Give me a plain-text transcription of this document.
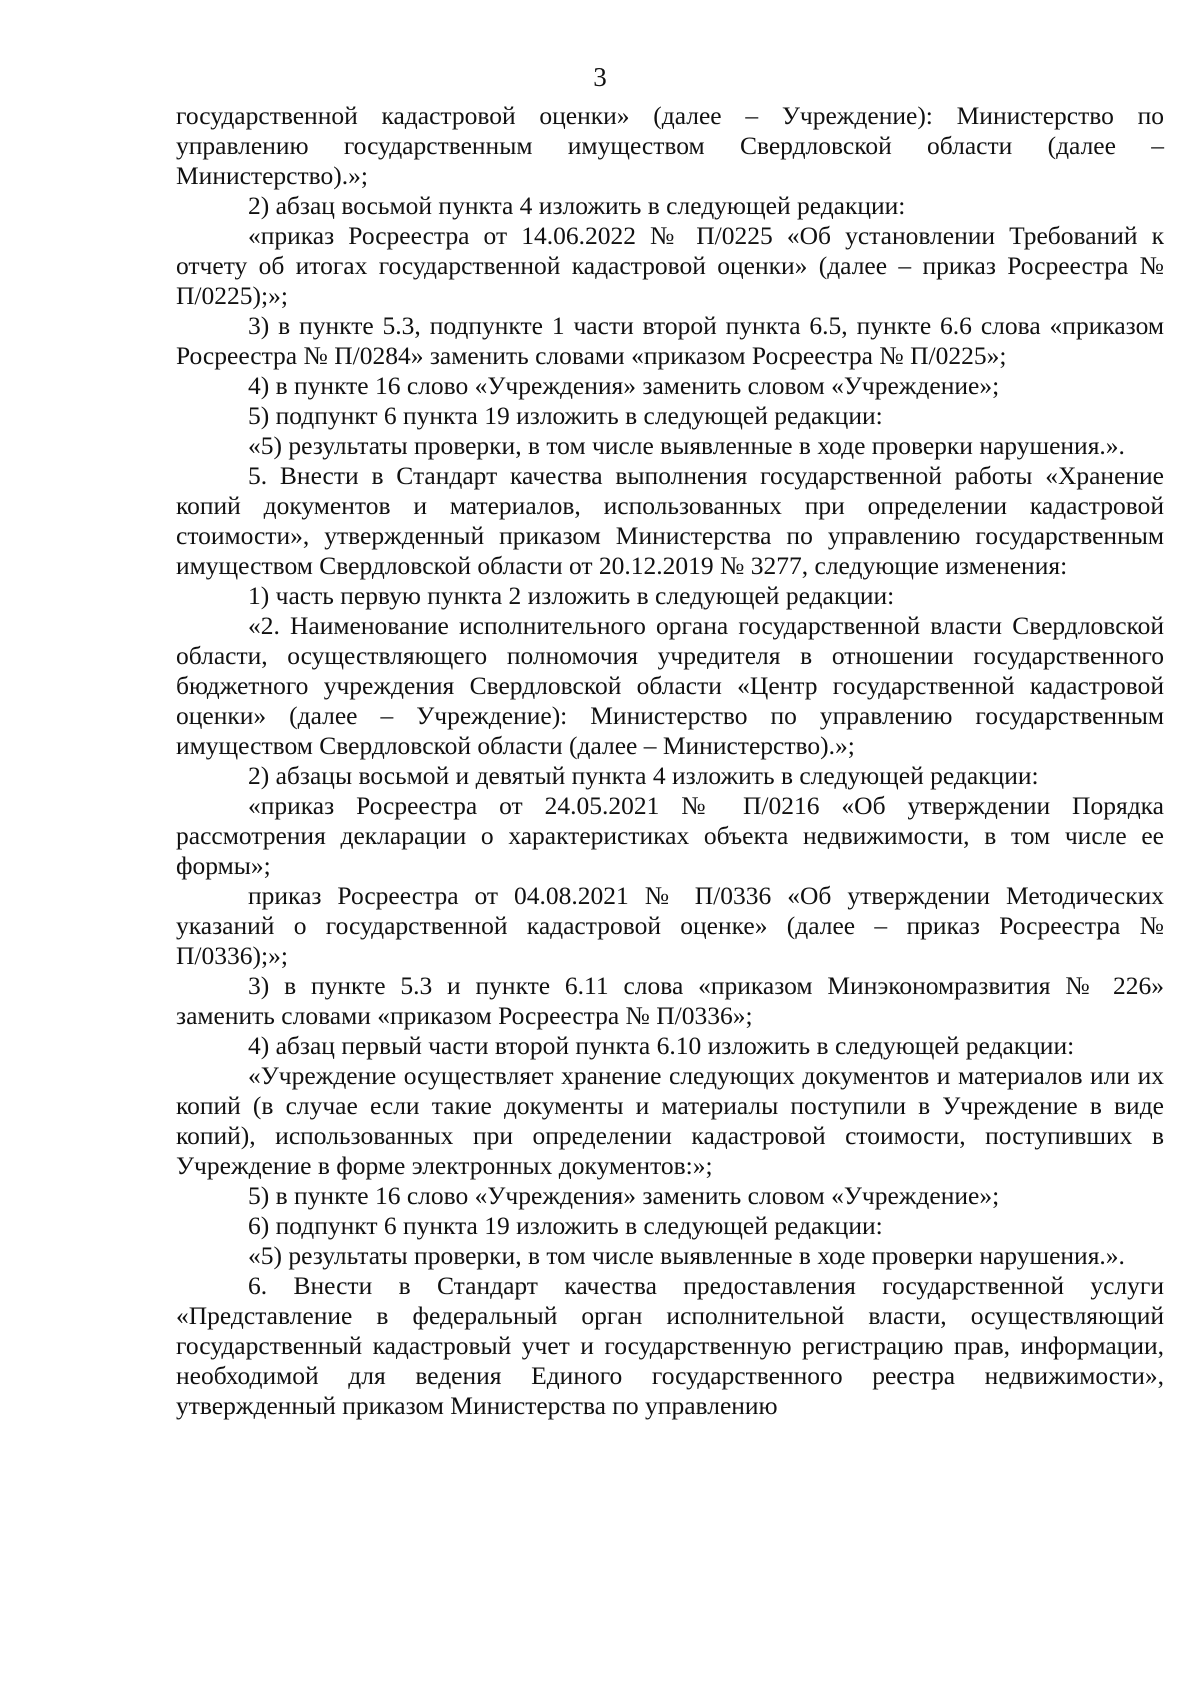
3

государственной кадастровой оценки» (далее – Учреждение): Министерство по управлению государственным имуществом Свердловской области (далее – Министерство).»;

2) абзац восьмой пункта 4 изложить в следующей редакции:

«приказ Росреестра от 14.06.2022 № П/0225 «Об установлении Требований к отчету об итогах государственной кадастровой оценки» (далее – приказ Росреестра № П/0225);»;

3) в пункте 5.3, подпункте 1 части второй пункта 6.5, пункте 6.6 слова «приказом Росреестра № П/0284» заменить словами «приказом Росреестра № П/0225»;

4) в пункте 16 слово «Учреждения» заменить словом «Учреждение»;

5) подпункт 6 пункта 19 изложить в следующей редакции:

«5) результаты проверки, в том числе выявленные в ходе проверки нарушения.».

5. Внести в Стандарт качества выполнения государственной работы «Хранение копий документов и материалов, использованных при определении кадастровой стоимости», утвержденный приказом Министерства по управлению государственным имуществом Свердловской области от 20.12.2019 № 3277, следующие изменения:

1) часть первую пункта 2 изложить в следующей редакции:

«2. Наименование исполнительного органа государственной власти Свердловской области, осуществляющего полномочия учредителя в отношении государственного бюджетного учреждения Свердловской области «Центр государственной кадастровой оценки» (далее – Учреждение): Министерство по управлению государственным имуществом Свердловской области (далее – Министерство).»;

2) абзацы восьмой и девятый пункта 4 изложить в следующей редакции:

«приказ Росреестра от 24.05.2021 № П/0216 «Об утверждении Порядка рассмотрения декларации о характеристиках объекта недвижимости, в том числе ее формы»;

приказ Росреестра от 04.08.2021 № П/0336 «Об утверждении Методических указаний о государственной кадастровой оценке» (далее – приказ Росреестра № П/0336);»;

3) в пункте 5.3 и пункте 6.11 слова «приказом Минэкономразвития № 226» заменить словами «приказом Росреестра № П/0336»;

4) абзац первый части второй пункта 6.10 изложить в следующей редакции:

«Учреждение осуществляет хранение следующих документов и материалов или их копий (в случае если такие документы и материалы поступили в Учреждение в виде копий), использованных при определении кадастровой стоимости, поступивших в Учреждение в форме электронных документов:»;

5) в пункте 16 слово «Учреждения» заменить словом «Учреждение»;

6) подпункт 6 пункта 19 изложить в следующей редакции:

«5) результаты проверки, в том числе выявленные в ходе проверки нарушения.».

6. Внести в Стандарт качества предоставления государственной услуги «Представление в федеральный орган исполнительной власти, осуществляющий государственный кадастровый учет и государственную регистрацию прав, информации, необходимой для ведения Единого государственного реестра недвижимости», утвержденный приказом Министерства по управлению
